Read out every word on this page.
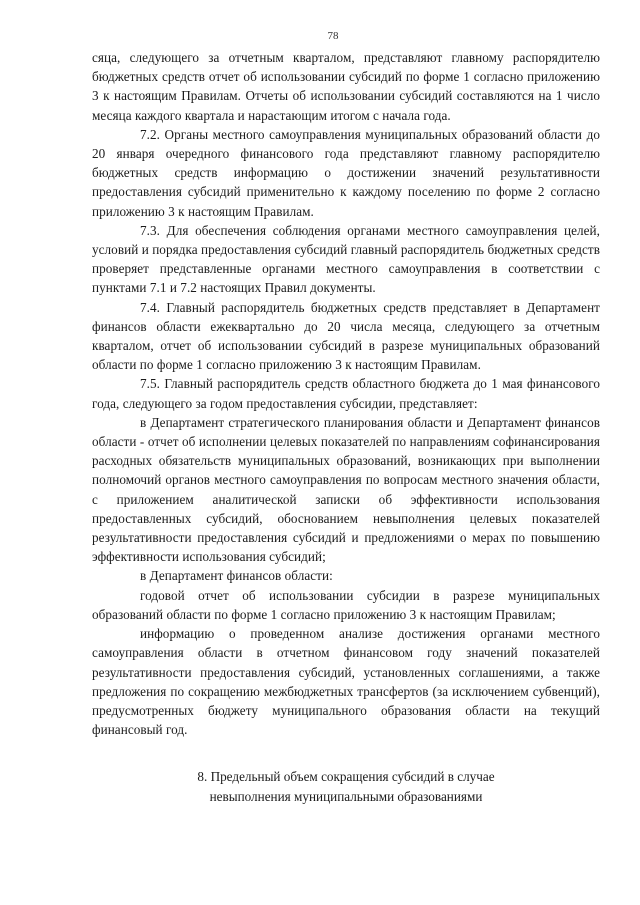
78

сяца, следующего за отчетным кварталом, представляют главному распорядителю бюджетных средств отчет об использовании субсидий по форме 1 согласно приложению 3 к настоящим Правилам. Отчеты об использовании субсидий составляются на 1 число месяца каждого квартала и нарастающим итогом с начала года.

7.2. Органы местного самоуправления муниципальных образований области до 20 января очередного финансового года представляют главному распорядителю бюджетных средств информацию о достижении значений результативности предоставления субсидий применительно к каждому поселению по форме 2 согласно приложению 3 к настоящим Правилам.

7.3. Для обеспечения соблюдения органами местного самоуправления целей, условий и порядка предоставления субсидий главный распорядитель бюджетных средств проверяет представленные органами местного самоуправления в соответствии с пунктами 7.1 и 7.2 настоящих Правил документы.

7.4. Главный распорядитель бюджетных средств представляет в Департамент финансов области ежеквартально до 20 числа месяца, следующего за отчетным кварталом, отчет об использовании субсидий в разрезе муниципальных образований области по форме 1 согласно приложению 3 к настоящим Правилам.

7.5. Главный распорядитель средств областного бюджета до 1 мая финансового года, следующего за годом предоставления субсидии, представляет:

в Департамент стратегического планирования области и Департамент финансов области - отчет об исполнении целевых показателей по направлениям софинансирования расходных обязательств муниципальных образований, возникающих при выполнении полномочий органов местного самоуправления по вопросам местного значения области, с приложением аналитической записки об эффективности использования предоставленных субсидий, обоснованием невыполнения целевых показателей результативности предоставления субсидий и предложениями о мерах по повышению эффективности использования субсидий;

в Департамент финансов области:

годовой отчет об использовании субсидии в разрезе муниципальных образований области по форме 1 согласно приложению 3 к настоящим Правилам;

информацию о проведенном анализе достижения органами местного самоуправления области в отчетном финансовом году значений показателей результативности предоставления субсидий, установленных соглашениями, а также предложения по сокращению межбюджетных трансфертов (за исключением субвенций), предусмотренных бюджету муниципального образования области на текущий финансовый год.

8. Предельный объем сокращения субсидий в случае
невыполнения муниципальными образованиями
